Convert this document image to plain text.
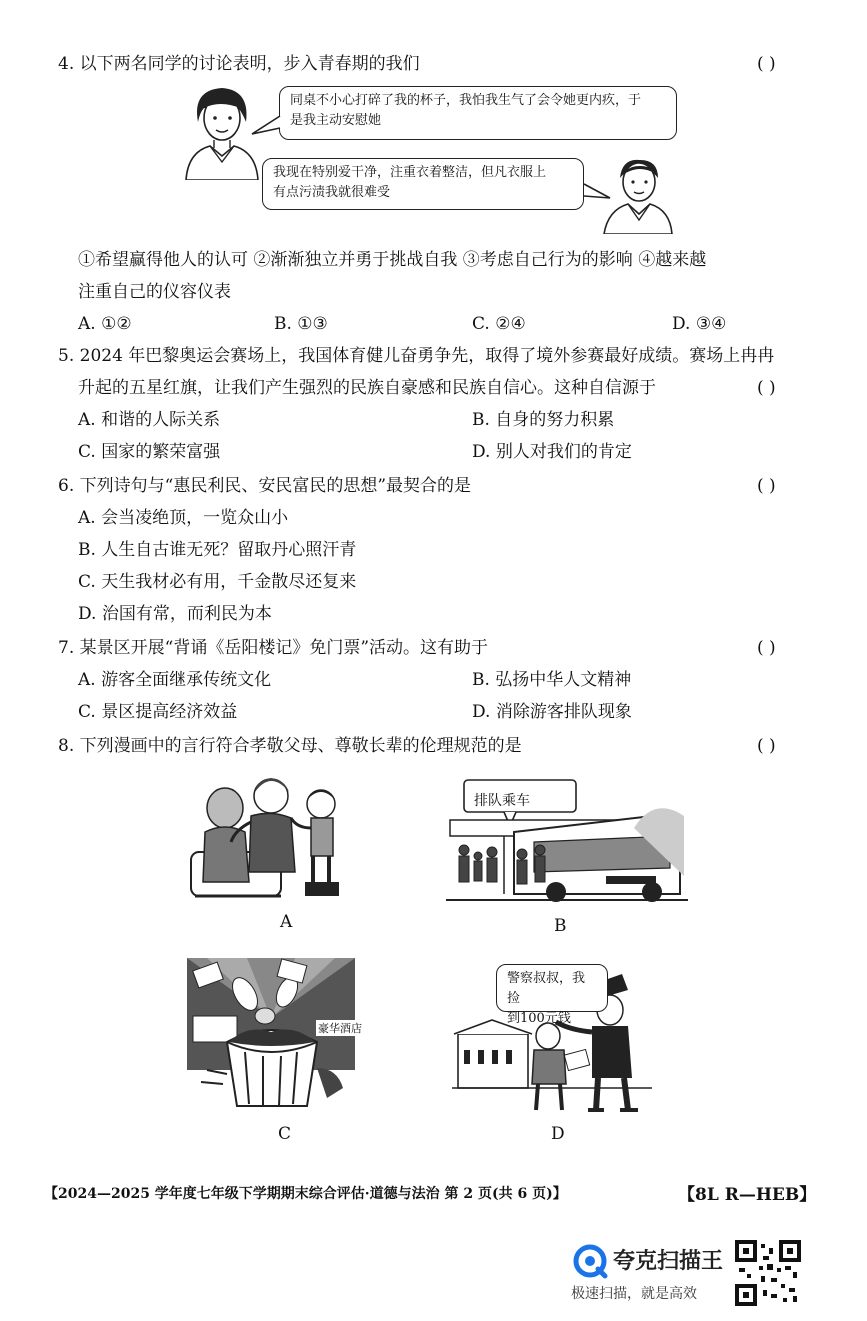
4. 以下两名同学的讨论表明，步入青春期的我们	( )
同桌不小心打碎了我的杯子，我怕我生气了会令她更内疚，于
是我主动安慰她
我现在特别爱干净，注重衣着整洁，但凡衣服上
有点污渍我就很难受
①希望赢得他人的认可 ②渐渐独立并勇于挑战自我 ③考虑自己行为的影响 ④越来越
注重自己的仪容仪表
A. ①②	B. ①③	C. ②④	D. ③④
5. 2024 年巴黎奥运会赛场上，我国体育健儿奋勇争先，取得了境外参赛最好成绩。赛场上冉冉
升起的五星红旗，让我们产生强烈的民族自豪感和民族自信心。这种自信源于	( )
A. 和谐的人际关系	B. 自身的努力积累
C. 国家的繁荣富强	D. 别人对我们的肯定
6. 下列诗句与“惠民利民、安民富民的思想”最契合的是	( )
A. 会当凌绝顶，一览众山小
B. 人生自古谁无死？留取丹心照汗青
C. 天生我材必有用，千金散尽还复来
D. 治国有常，而利民为本
7. 某景区开展“背诵《岳阳楼记》免门票”活动。这有助于	( )
A. 游客全面继承传统文化	B. 弘扬中华人文精神
C. 景区提高经济效益	D. 消除游客排队现象
8. 下列漫画中的言行符合孝敬父母、尊敬长辈的伦理规范的是	( )
A
排队乘车
B
豪华酒店
C
警察叔叔，我捡
到100元钱
D
【2024—2025 学年度七年级下学期期末综合评估·道德与法治 第 2 页(共 6 页)】	【8L R—HEB】
夸克扫描王
极速扫描，就是高效
